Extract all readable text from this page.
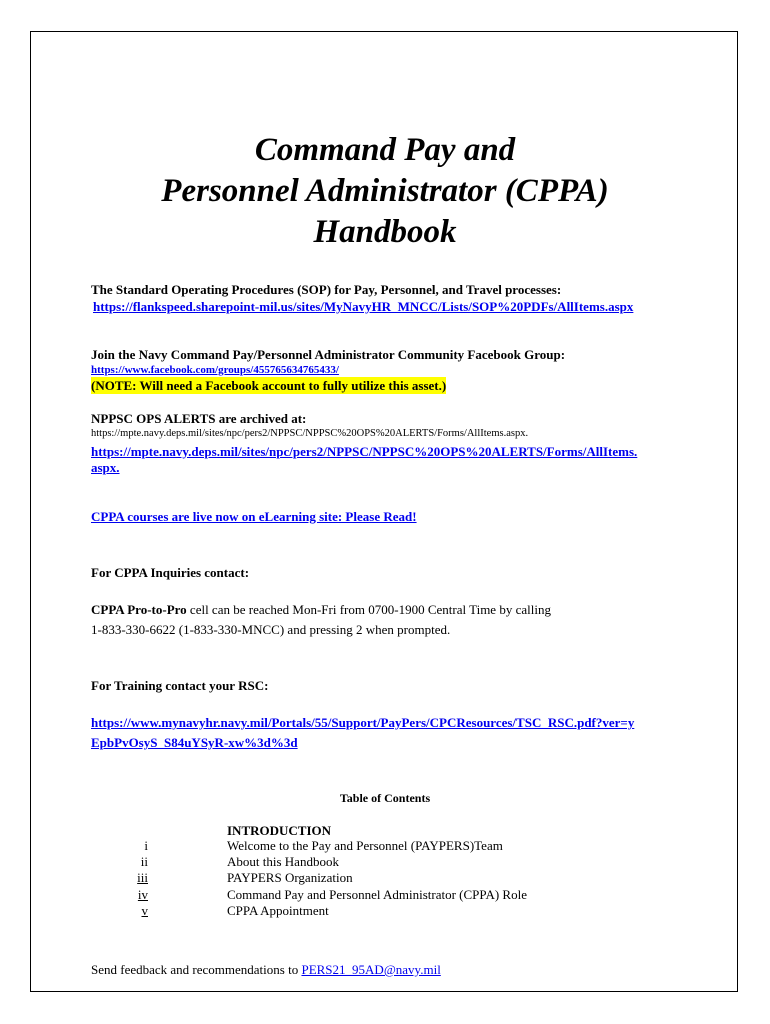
Command Pay and
Personnel Administrator (CPPA)
Handbook
The Standard Operating Procedures (SOP) for Pay, Personnel, and Travel processes:
https://flankspeed.sharepoint-mil.us/sites/MyNavyHR_MNCC/Lists/SOP%20PDFs/AllItems.aspx
Join the Navy Command Pay/Personnel Administrator Community Facebook Group:
https://www.facebook.com/groups/455765634765433/
(NOTE: Will need a Facebook account to fully utilize this asset.)
NPPSC OPS ALERTS are archived at:
https://mpte.navy.deps.mil/sites/npc/pers2/NPPSC/NPPSC%20OPS%20ALERTS/Forms/AllItems.aspx.
https://mpte.navy.deps.mil/sites/npc/pers2/NPPSC/NPPSC%20OPS%20ALERTS/Forms/AllItems.
aspx.
CPPA courses are live now on eLearning site: Please Read!
For CPPA Inquiries contact:
CPPA Pro-to-Pro cell can be reached Mon-Fri from 0700-1900 Central Time by calling
1-833-330-6622 (1-833-330-MNCC) and pressing 2 when prompted.
For Training contact your RSC:
https://www.mynavyhr.navy.mil/Portals/55/Support/PayPers/CPCResources/TSC_RSC.pdf?ver=y
EpbPvOsyS_S84uYSyR-xw%3d%3d
Table of Contents
INTRODUCTION
i	Welcome to the Pay and Personnel (PAYPERS)Team
ii	About this Handbook
iii	PAYPERS Organization
iv	Command Pay and Personnel Administrator (CPPA) Role
v	CPPA Appointment
Send feedback and recommendations to PERS21_95AD@navy.mil
